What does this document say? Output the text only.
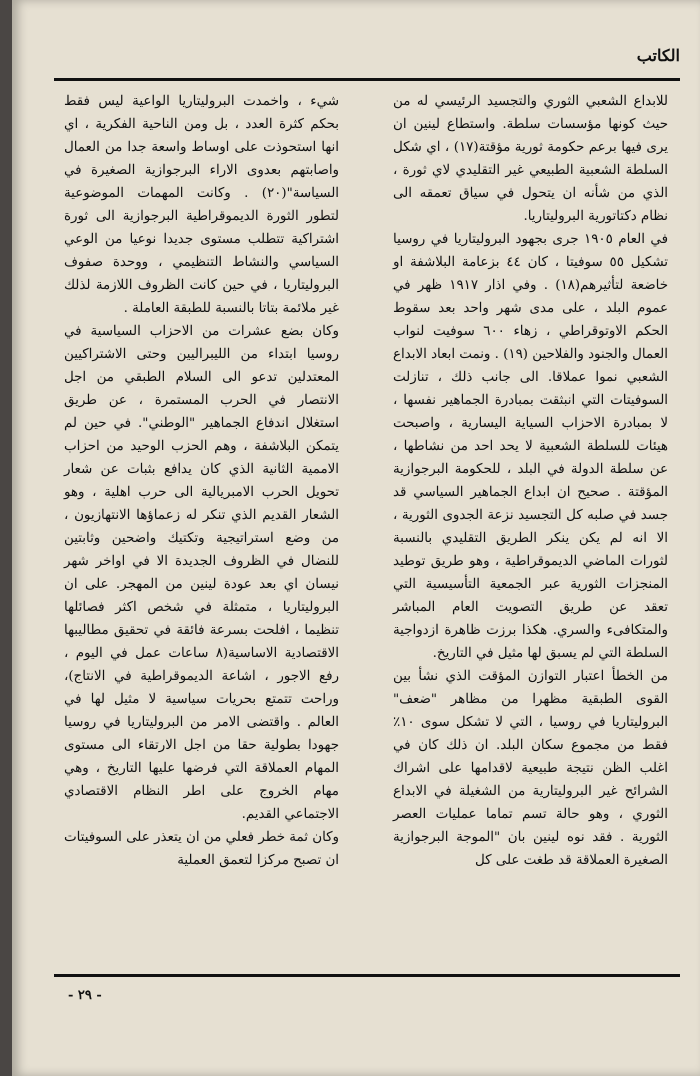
الكاتب

للابداع الشعبي الثوري والتجسيد الرئيسي له من حيث كونها مؤسسات سلطة. واستطاع لينين ان يرى فيها برعم حكومة ثورية مؤقتة(١٧) ، اي شكل السلطة الشعبية الطبيعي غير التقليدي لاي ثورة ، الذي من شأنه ان يتحول في سياق تعمقه الى نظام دكتاتورية البروليتاريا.

في العام ١٩٠٥ جرى بجهود البروليتاريا في روسيا تشكيل ٥٥ سوفيتا ، كان ٤٤ بزعامة البلاشفة او خاضعة لتأثيرهم(١٨) . وفي اذار ١٩١٧ ظهر في عموم البلد ، على مدى شهر واحد بعد سقوط الحكم الاوتوقراطي ، زهاء ٦٠٠ سوفيت لنواب العمال والجنود والفلاحين (١٩) . ونمت ابعاد الابداع الشعبي نموا عملاقا. الى جانب ذلك ، تنازلت السوفيتات التي انبثقت بمبادرة الجماهير نفسها ، لا بمبادرة الاحزاب السياية اليسارية ، واصبحت هيئات للسلطة الشعبية لا يحد احد من نشاطها ، عن سلطة الدولة في البلد ، للحكومة البرجوازية المؤقتة . صحيح ان ابداع الجماهير السياسي قد جسد في صلبه كل التجسيد نزعة الجدوى الثورية ، الا انه لم يكن ينكر الطريق التقليدي بالنسبة لثورات الماضي الديموقراطية ، وهو طريق توطيد المنجزات الثورية عبر الجمعية التأسيسية التي تعقد عن طريق التصويت العام المباشر والمتكافىء والسري. هكذا برزت ظاهرة ازدواجية السلطة التي لم يسبق لها مثيل في التاريخ.

من الخطأ اعتبار التوازن المؤقت الذي نشأ بين القوى الطبقية مظهرا من مظاهر "ضعف" البروليتاريا في روسيا ، التي لا تشكل سوى ١٠٪ فقط من مجموع سكان البلد. ان ذلك كان في اغلب الظن نتيجة طبيعية لاقدامها على اشراك الشرائح غير البروليتارية من الشغيلة في الابداع الثوري ، وهو حالة تسم تماما عمليات العصر الثورية . فقد نوه لينين بان "الموجة البرجوازية الصغيرة العملاقة قد طغت على كل

شيء ، واخمدت البروليتاريا الواعية ليس فقط بحكم كثرة العدد ، بل ومن الناحية الفكرية ، اي انها استحوذت على اوساط واسعة جدا من العمال واصابتهم بعدوى الاراء البرجوازية الصغيرة في السياسة"(٢٠) . وكانت المهمات الموضوعية لتطور الثورة الديموقراطية البرجوازية الى ثورة اشتراكية تتطلب مستوى جديدا نوعيا من الوعي السياسي والنشاط التنظيمي ، ووحدة صفوف البروليتاريا ، في حين كانت الظروف اللازمة لذلك غير ملائمة بتاتا بالنسبة للطبقة العاملة .

وكان بضع عشرات من الاحزاب السياسية في روسيا ابتداء من الليبراليين وحتى الاشتراكيين المعتدلين تدعو الى السلام الطبقي من اجل الانتصار في الحرب المستمرة ، عن طريق استغلال اندفاع الجماهير "الوطني". في حين لم يتمكن البلاشفة ، وهم الحزب الوحيد من احزاب الاممية الثانية الذي كان يدافع بثبات عن شعار تحويل الحرب الامبريالية الى حرب اهلية ، وهو الشعار القديم الذي تنكر له زعماؤها الانتهازيون ، من وضع استراتيجية وتكتيك واضحين وثابتين للنضال في الظروف الجديدة الا في اواخر شهر نيسان اي بعد عودة لينين من المهجر. على ان البروليتاريا ، متمثلة في شخص اكثر فصائلها تنظيما ، افلحت بسرعة فائقة في تحقيق مطاليبها الاقتصادية الاساسية(٨ ساعات عمل في اليوم ، رفع الاجور ، اشاعة الديموقراطية في الانتاج)، وراحت تتمتع بحريات سياسية لا مثيل لها في العالم . واقتضى الامر من البروليتاريا في روسيا جهودا بطولية حقا من اجل الارتقاء الى مستوى المهام العملاقة التي فرضها عليها التاريخ ، وهي مهام الخروج على اطر النظام الاقتصادي الاجتماعي القديم.

وكان ثمة خطر فعلي من ان يتعذر على السوفيتات ان تصبح مركزا لتعمق العملية

- ٢٩ -
